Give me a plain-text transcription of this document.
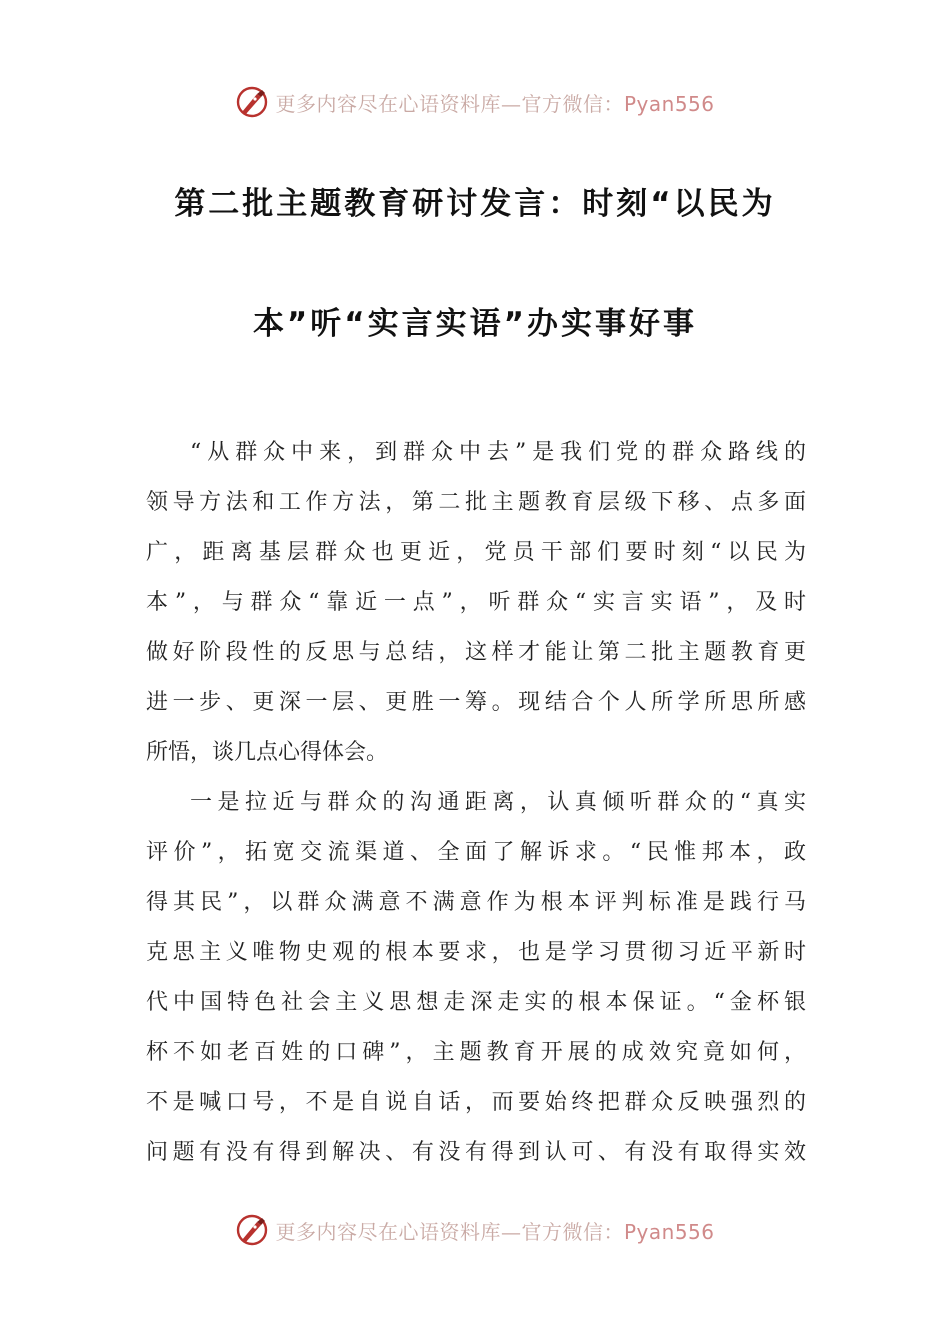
更多内容尽在心语资料库—官方微信：Pyan556
第二批主题教育研讨发言：时刻“以民为
本”听“实言实语”办实事好事
“从群众中来，到群众中去”是我们党的群众路线的
领导方法和工作方法，第二批主题教育层级下移、点多面
广，距离基层群众也更近，党员干部们要时刻“以民为
本”，与群众“靠近一点”，听群众“实言实语”，及时
做好阶段性的反思与总结，这样才能让第二批主题教育更
进一步、更深一层、更胜一筹。现结合个人所学所思所感
所悟，谈几点心得体会。
一是拉近与群众的沟通距离，认真倾听群众的“真实
评价”，拓宽交流渠道、全面了解诉求。“民惟邦本，政
得其民”，以群众满意不满意作为根本评判标准是践行马
克思主义唯物史观的根本要求，也是学习贯彻习近平新时
代中国特色社会主义思想走深走实的根本保证。“金杯银
杯不如老百姓的口碑”，主题教育开展的成效究竟如何，
不是喊口号，不是自说自话，而要始终把群众反映强烈的
问题有没有得到解决、有没有得到认可、有没有取得实效
更多内容尽在心语资料库—官方微信：Pyan556
